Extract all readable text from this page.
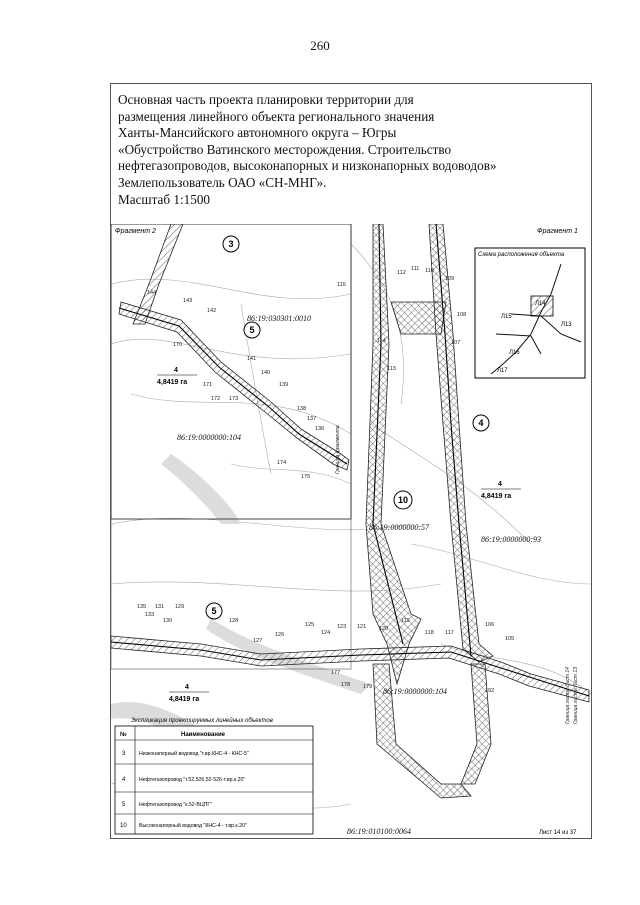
260
Основная часть проекта планировки территории для
размещения линейного объекта регионального значения
Ханты-Мансийского автономного округа – Югры
«Обустройство Ватинского месторождения. Строительство
нефтегазопроводов, высоконапорных и низконапорных водоводов»
Землепользователь ОАО «СН-МНГ».
Масштаб 1:1500
3
5
4
10
5
Фрагмент 2	Фрагмент 1
86:19:030301:0010
86:19:0000000:104
86:19:0000000:57
86:19:0000000:93
86:19:0000000:104
86:19:010100:0064
4
4,8419 га
4
4,8419 га
4
4,8419 га
144
143
142
170
171
172 173
141
140
139
138
137
136
174
175
115
112
111 110
109
108
107
114
113
135
133
131
130
129
128
127
126
125
124
123 121 120
119
118 117
106
105
177
178 179
192
Схема расположения объекта
Л14
Л15
Л13
Л16
Л17
Граница листа Лист 14 Граница листа Лист 13
Граница фрагмента
Экспликация проектируемых линейных объектов
№	Наименование
3	Низконапорный водовод "т.вр.КНС-4 - КНС-5"
4	Нефтегазопровод "т.52,526,52-526-т.вр.к.20"
5	Нефтегазопровод "к.52-ВЦПГ"
10 Высоконапорный водовод "КНС-4 - т.вр.к.20"
Лист 14 из 37
